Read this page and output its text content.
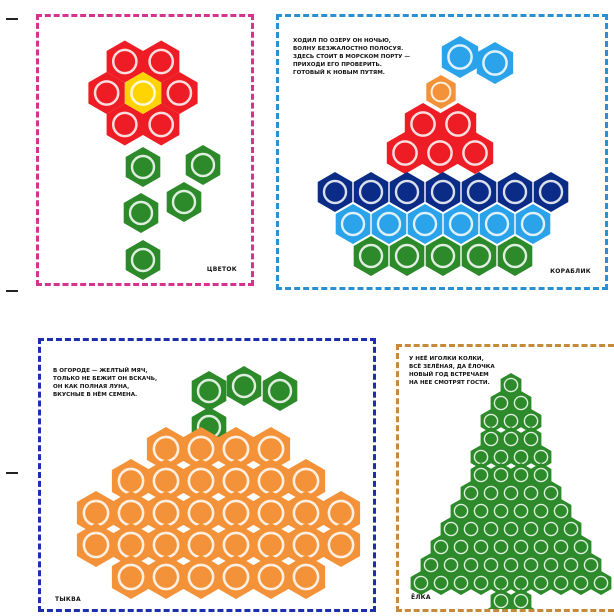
ЦВЕТОК
ХОДИЛ ПО ОЗЕРУ ОН НОЧЬЮ,
ВОЛНУ БЕЗЖАЛОСТНО ПОЛОСУЯ.
ЗДЕСЬ СТОИТ В МОРСКОМ ПОРТУ —
ПРИХОДИ ЕГО ПРОВЕРИТЬ.
ГОТОВЫЙ К НОВЫМ ПУТЯМ.
КОРАБЛИК
В ОГОРОДЕ — ЖЕЛТЫЙ МЯЧ,
ТОЛЬКО НЕ БЕЖИТ ОН ВСКАЧЬ,
ОН КАК ПОЛНАЯ ЛУНА,
ВКУСНЫЕ В НЁМ СЕМЕНА.
ТЫКВА
У НЕЁ ИГОЛКИ КОЛКИ,
ВСЁ ЗЕЛЁНАЯ, ДА ЁЛОЧКА
НОВЫЙ ГОД ВСТРЕЧАЕМ
НА НЕЕ СМОТРЯТ ГОСТИ.
ЁЛКА
